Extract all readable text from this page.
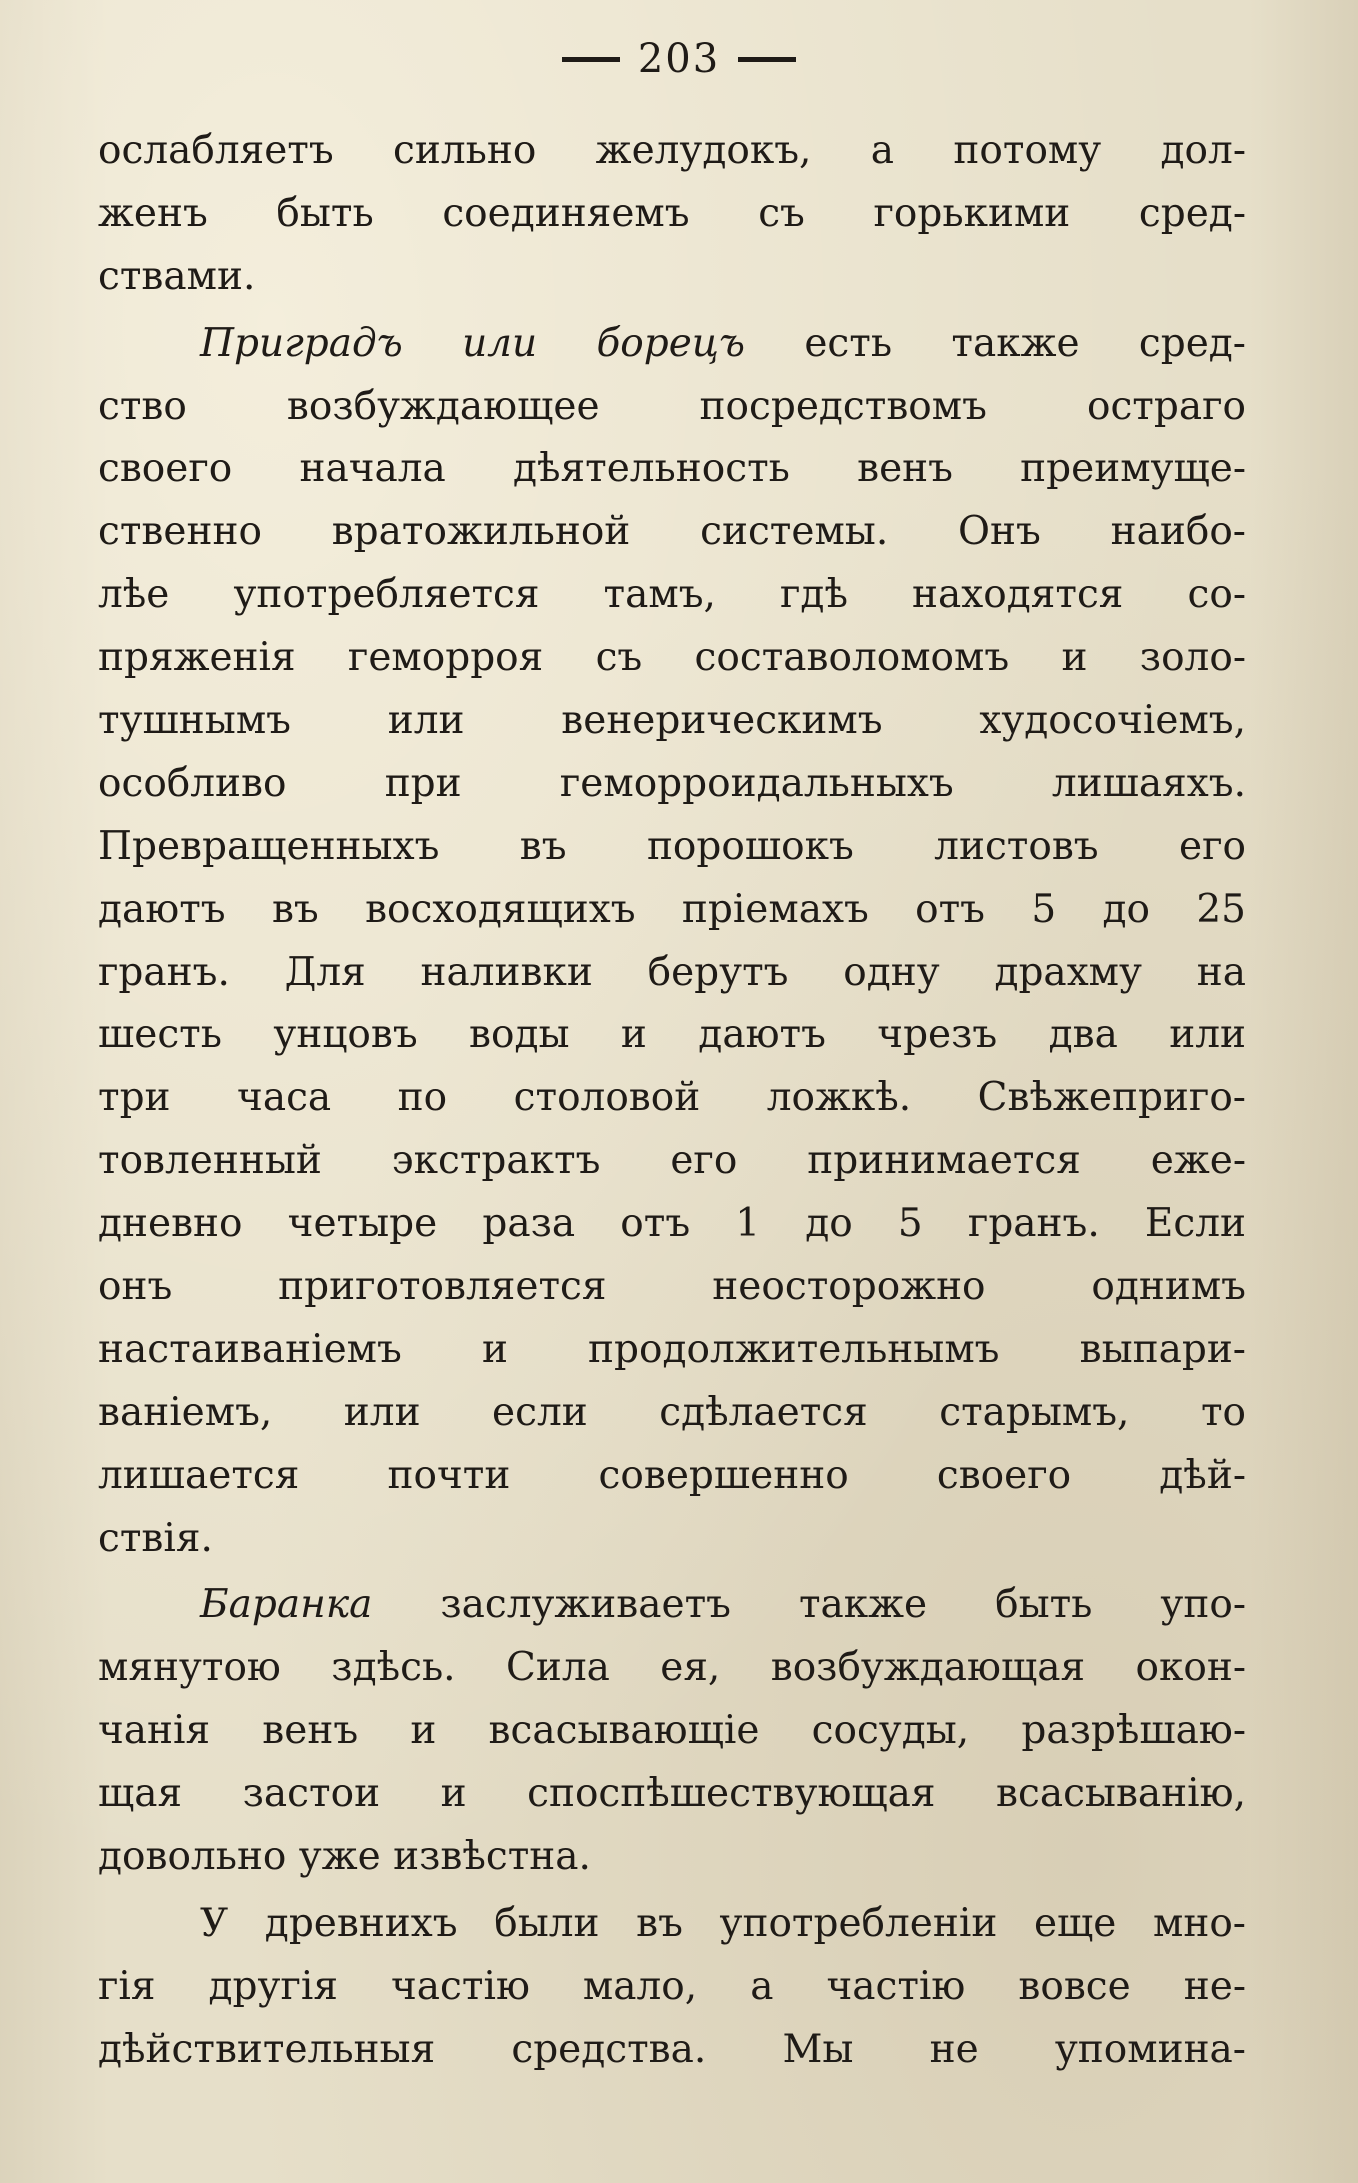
203
ослабляетъ сильно желудокъ, а потому дол-
женъ быть соединяемъ съ горькими сред-
ствами.
Приградъ или борецъ есть также сред-
ство возбуждающее посредствомъ остраго
своего начала дѣятельность венъ преимуще-
ственно вратожильной системы. Онъ наибо-
лѣе употребляется тамъ, гдѣ находятся со-
пряженія геморроя съ составоломомъ и золо-
тушнымъ или венерическимъ худосочіемъ,
особливо при геморроидальныхъ лишаяхъ.
Превращенныхъ въ порошокъ листовъ его
даютъ въ восходящихъ пріемахъ отъ 5 до 25
гранъ. Для наливки берутъ одну драхму на
шесть унцовъ воды и даютъ чрезъ два или
три часа по столовой ложкѣ. Свѣжеприго-
товленный экстрактъ его принимается еже-
дневно четыре раза отъ 1 до 5 гранъ. Если
онъ приготовляется неосторожно однимъ
настаиваніемъ и продолжительнымъ выпари-
ваніемъ, или если сдѣлается старымъ, то
лишается почти совершенно своего дѣй-
ствія.
Баранка заслуживаетъ также быть упо-
мянутою здѣсь. Сила ея, возбуждающая окон-
чанія венъ и всасывающіе сосуды, разрѣшаю-
щая застои и споспѣшествующая всасыванію,
довольно уже извѣстна.
У древнихъ были въ употребленіи еще мно-
гія другія частію мало, а частію вовсе не-
дѣйствительныя средства. Мы не упомина-
